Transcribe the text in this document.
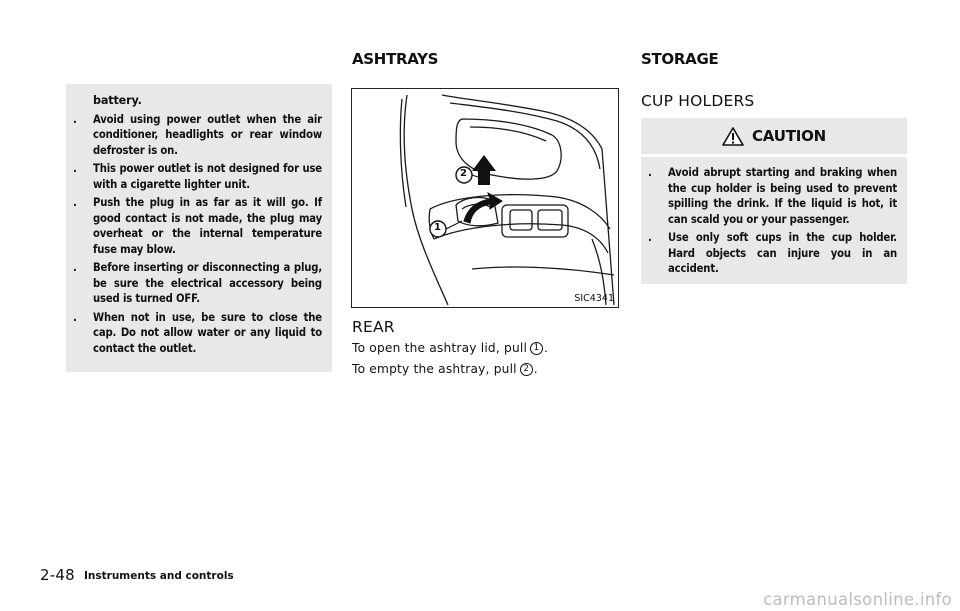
battery.
. Avoid using power outlet when the air conditioner, headlights or rear window defroster is on.
. This power outlet is not designed for use with a cigarette lighter unit.
. Push the plug in as far as it will go. If good contact is not made, the plug may overheat or the internal temperature fuse may blow.
. Before inserting or disconnecting a plug, be sure the electrical accessory being used is turned OFF.
. When not in use, be sure to close the cap. Do not allow water or any liquid to contact the outlet.
ASHTRAYS
2
1
SIC4341
REAR
To open the ashtray lid, pull 1 .
To empty the ashtray, pull 2 .
STORAGE
CUP HOLDERS
CAUTION
. Avoid abrupt starting and braking when the cup holder is being used to prevent spilling the drink. If the liquid is hot, it can scald you or your passenger.
. Use only soft cups in the cup holder. Hard objects can injure you in an accident.
2-48 Instruments and controls
carmanualsonline.info
